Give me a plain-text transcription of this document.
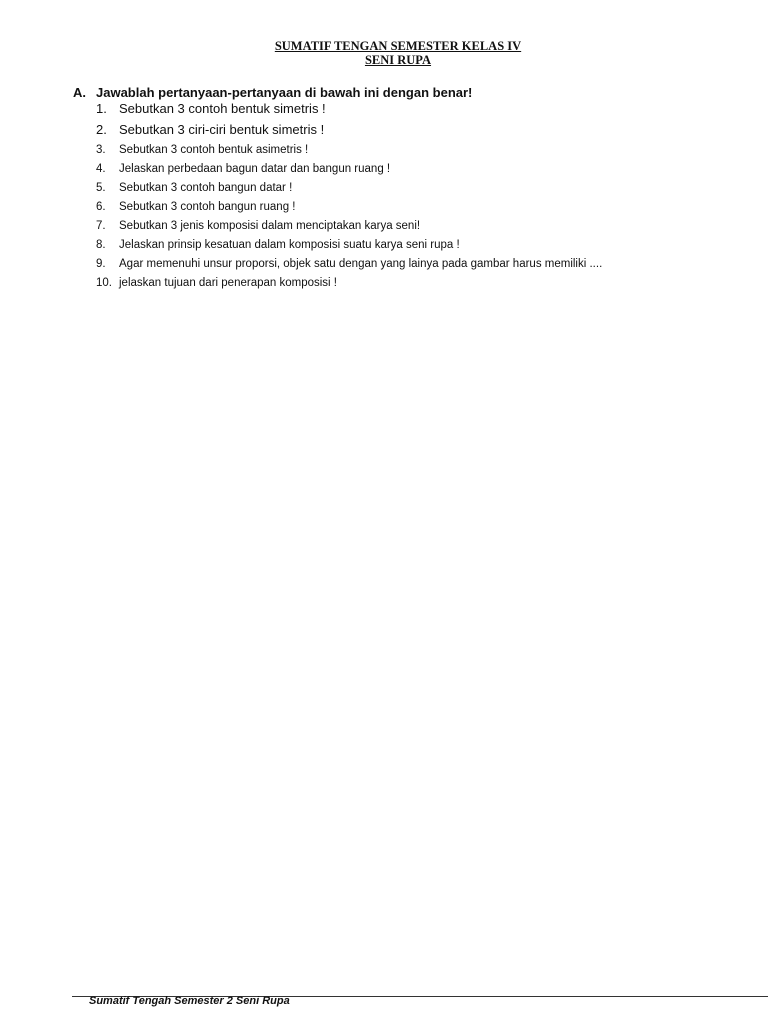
SUMATIF TENGAN SEMESTER KELAS IV
SENI RUPA
A. Jawablah pertanyaan-pertanyaan di bawah ini dengan benar!
1. Sebutkan 3 contoh bentuk simetris !
2. Sebutkan 3 ciri-ciri bentuk simetris !
3. Sebutkan 3 contoh bentuk asimetris !
4. Jelaskan perbedaan bagun datar dan bangun ruang !
5. Sebutkan 3 contoh bangun datar !
6. Sebutkan 3 contoh bangun ruang !
7. Sebutkan 3 jenis komposisi dalam menciptakan karya seni!
8. Jelaskan prinsip kesatuan dalam komposisi suatu karya seni rupa !
9. Agar memenuhi unsur proporsi, objek satu dengan yang lainya pada gambar harus memiliki ....
10. jelaskan tujuan dari penerapan komposisi !
Sumatif Tengah Semester 2 Seni Rupa
